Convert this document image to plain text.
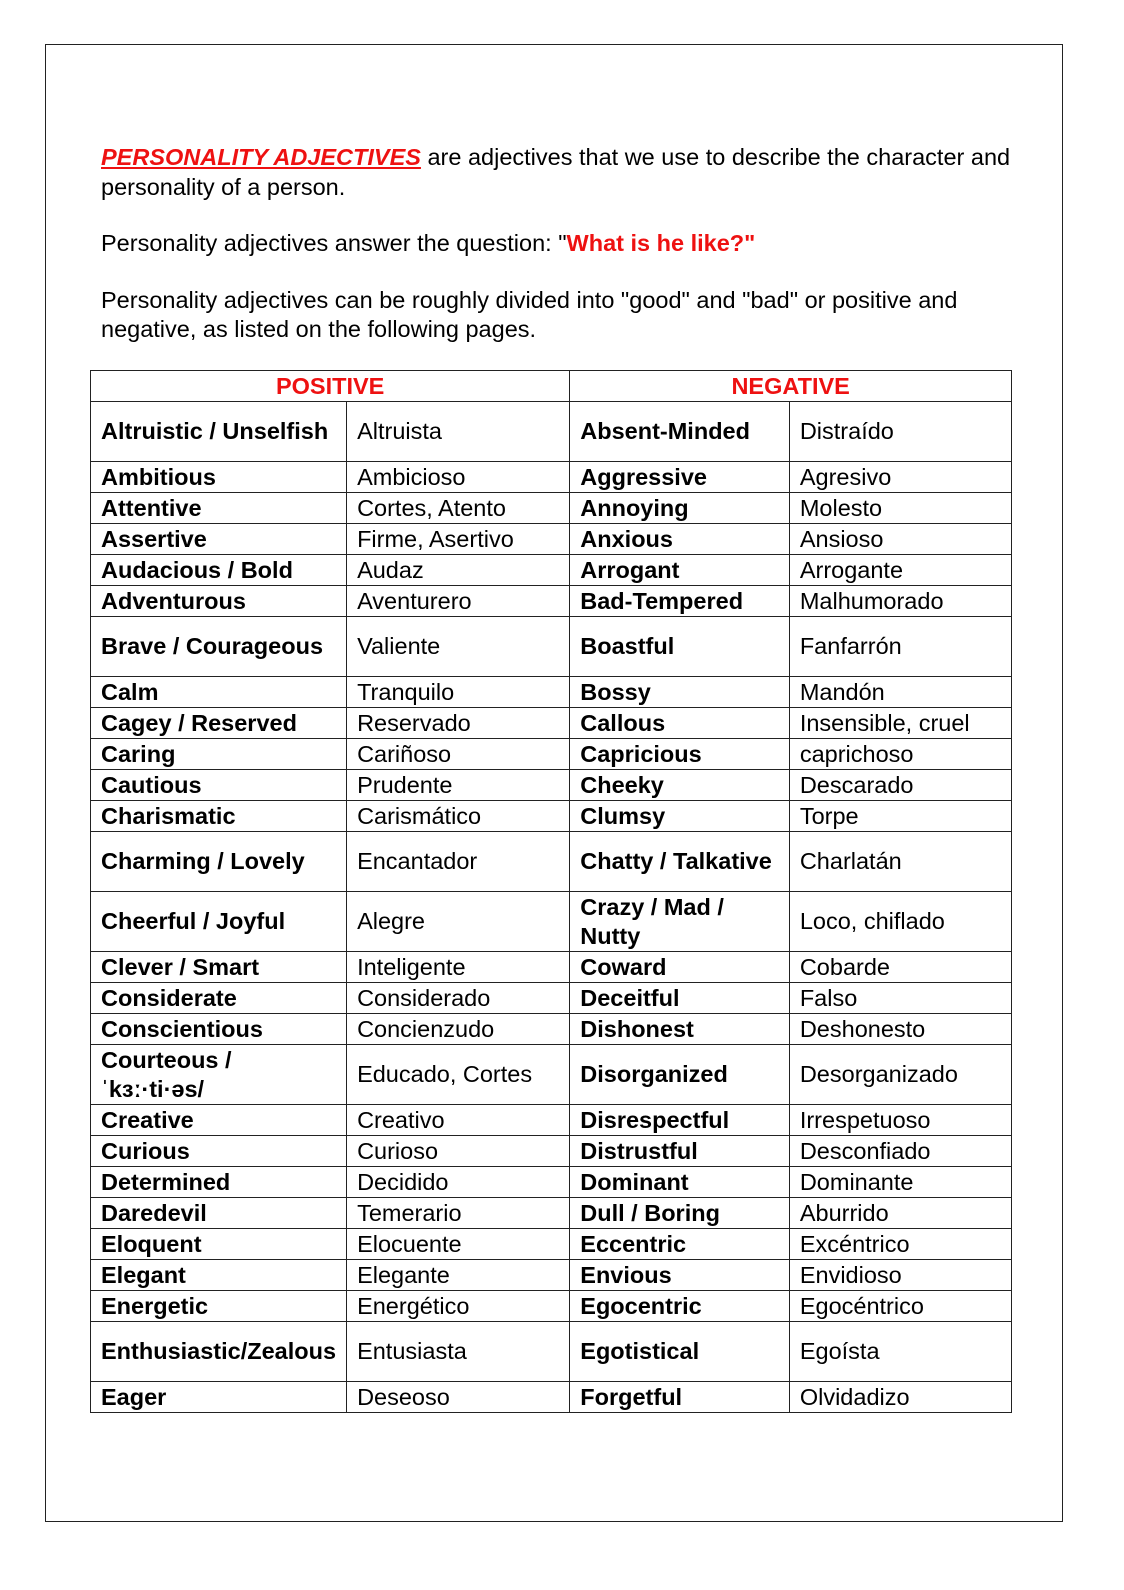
PERSONALITY ADJECTIVES are adjectives that we use to describe the character and personality of a person.

Personality adjectives answer the question: "What is he like?"

Personality adjectives can be roughly divided into "good" and "bad" or positive and negative, as listed on the following pages.

POSITIVE		NEGATIVE	
Altruistic / Unselfish	Altruista	Absent-Minded	Distraído
Ambitious	Ambicioso	Aggressive	Agresivo
Attentive	Cortes, Atento	Annoying	Molesto
Assertive	Firme, Asertivo	Anxious	Ansioso
Audacious / Bold	Audaz	Arrogant	Arrogante
Adventurous	Aventurero	Bad-Tempered	Malhumorado
Brave / Courageous	Valiente	Boastful	Fanfarrón
Calm	Tranquilo	Bossy	Mandón
Cagey / Reserved	Reservado	Callous	Insensible, cruel
Caring	Cariñoso	Capricious	caprichoso
Cautious	Prudente	Cheeky	Descarado
Charismatic	Carismático	Clumsy	Torpe
Charming / Lovely	Encantador	Chatty / Talkative	Charlatán
Cheerful / Joyful	Alegre	Crazy / Mad / Nutty	Loco, chiflado
Clever / Smart	Inteligente	Coward	Cobarde
Considerate	Considerado	Deceitful	Falso
Conscientious	Concienzudo	Dishonest	Deshonesto
Courteous / ˈkɜː·ti·əs/	Educado, Cortes	Disorganized	Desorganizado
Creative	Creativo	Disrespectful	Irrespetuoso
Curious	Curioso	Distrustful	Desconfiado
Determined	Decidido	Dominant	Dominante
Daredevil	Temerario	Dull / Boring	Aburrido
Eloquent	Elocuente	Eccentric	Excéntrico
Elegant	Elegante	Envious	Envidioso
Energetic	Energético	Egocentric	Egocéntrico
Enthusiastic/Zealous	Entusiasta	Egotistical	Egoísta
Eager	Deseoso	Forgetful	Olvidadizo
